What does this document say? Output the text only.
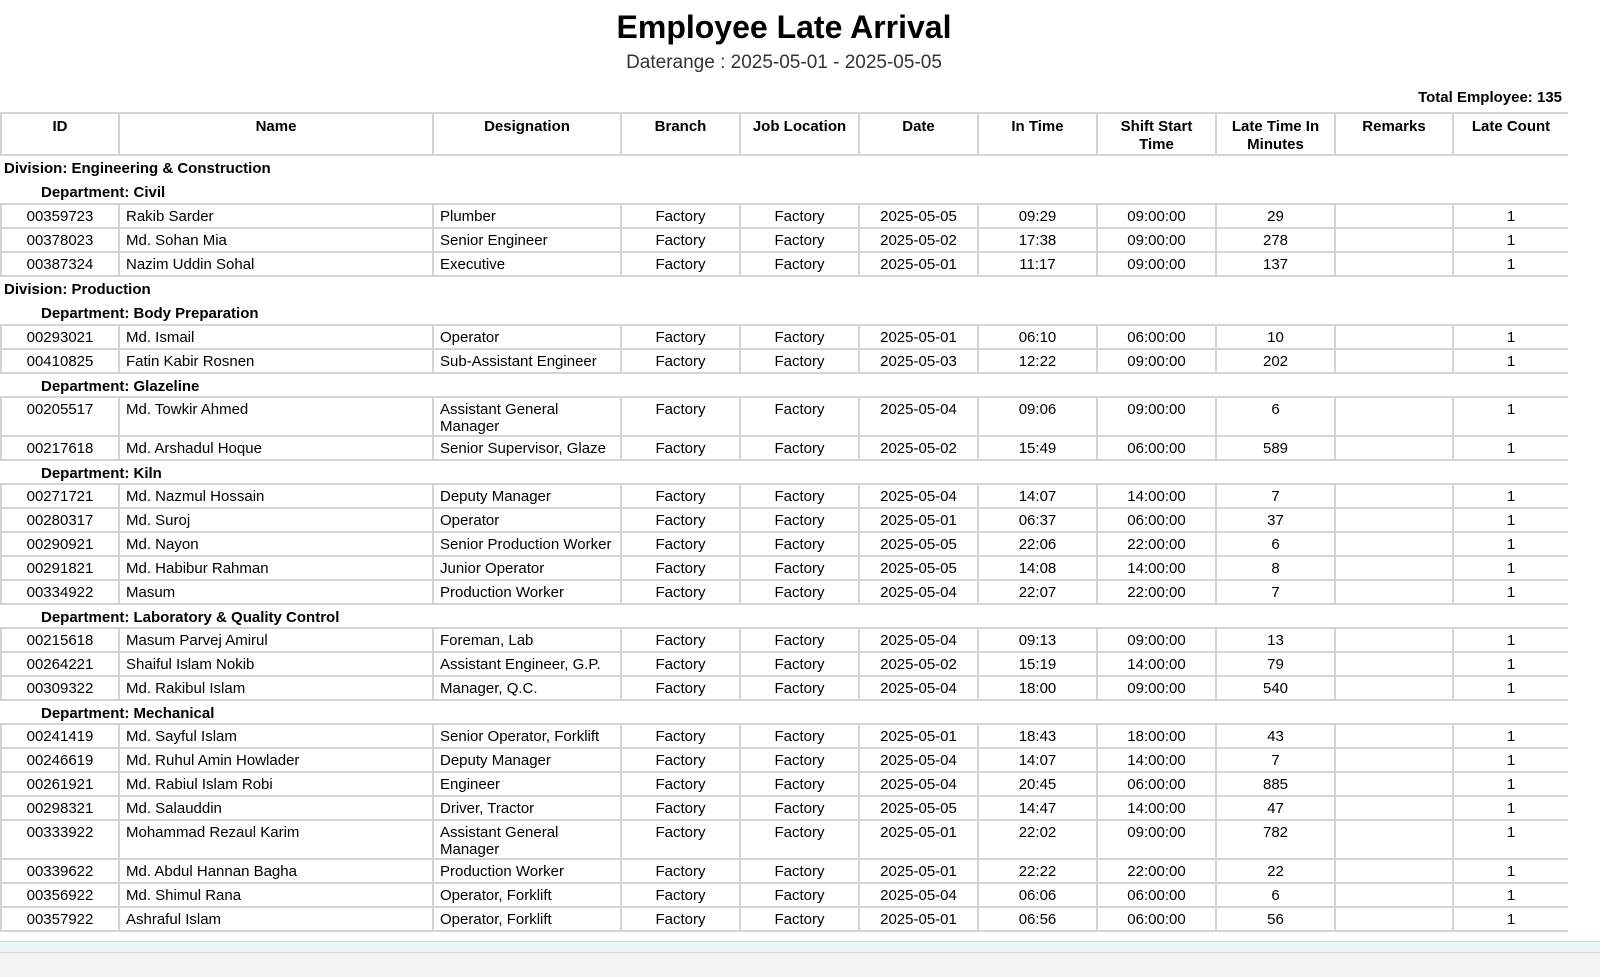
Employee Late Arrival
Daterange : 2025-05-01 - 2025-05-05
Total Employee: 135
ID	Name	Designation	Branch	Job Location	Date	In Time	Shift Start Time	Late Time In Minutes	Remarks	Late Count
Division: Engineering & Construction										
Department: Civil										
00359723	Rakib Sarder	Plumber	Factory	Factory	2025-05-05	09:29	09:00:00	29		1
00378023	Md. Sohan Mia	Senior Engineer	Factory	Factory	2025-05-02	17:38	09:00:00	278		1
00387324	Nazim Uddin Sohal	Executive	Factory	Factory	2025-05-01	11:17	09:00:00	137		1
Division: Production										
Department: Body Preparation										
00293021	Md. Ismail	Operator	Factory	Factory	2025-05-01	06:10	06:00:00	10		1
00410825	Fatin Kabir Rosnen	Sub-Assistant Engineer	Factory	Factory	2025-05-03	12:22	09:00:00	202		1
Department: Glazeline										
00205517	Md. Towkir Ahmed	Assistant General Manager	Factory	Factory	2025-05-04	09:06	09:00:00	6		1
00217618	Md. Arshadul Hoque	Senior Supervisor, Glaze	Factory	Factory	2025-05-02	15:49	06:00:00	589		1
Department: Kiln										
00271721	Md. Nazmul Hossain	Deputy Manager	Factory	Factory	2025-05-04	14:07	14:00:00	7		1
00280317	Md. Suroj	Operator	Factory	Factory	2025-05-01	06:37	06:00:00	37		1
00290921	Md. Nayon	Senior Production Worker	Factory	Factory	2025-05-05	22:06	22:00:00	6		1
00291821	Md. Habibur Rahman	Junior Operator	Factory	Factory	2025-05-05	14:08	14:00:00	8		1
00334922	Masum	Production Worker	Factory	Factory	2025-05-04	22:07	22:00:00	7		1
Department: Laboratory & Quality Control										
00215618	Masum Parvej Amirul	Foreman, Lab	Factory	Factory	2025-05-04	09:13	09:00:00	13		1
00264221	Shaiful Islam Nokib	Assistant Engineer, G.P.	Factory	Factory	2025-05-02	15:19	14:00:00	79		1
00309322	Md. Rakibul Islam	Manager, Q.C.	Factory	Factory	2025-05-04	18:00	09:00:00	540		1
Department: Mechanical										
00241419	Md. Sayful Islam	Senior Operator, Forklift	Factory	Factory	2025-05-01	18:43	18:00:00	43		1
00246619	Md. Ruhul Amin Howlader	Deputy Manager	Factory	Factory	2025-05-04	14:07	14:00:00	7		1
00261921	Md. Rabiul Islam Robi	Engineer	Factory	Factory	2025-05-04	20:45	06:00:00	885		1
00298321	Md. Salauddin	Driver, Tractor	Factory	Factory	2025-05-05	14:47	14:00:00	47		1
00333922	Mohammad Rezaul Karim	Assistant General Manager	Factory	Factory	2025-05-01	22:02	09:00:00	782		1
00339622	Md. Abdul Hannan Bagha	Production Worker	Factory	Factory	2025-05-01	22:22	22:00:00	22		1
00356922	Md. Shimul Rana	Operator, Forklift	Factory	Factory	2025-05-04	06:06	06:00:00	6		1
00357922	Ashraful Islam	Operator, Forklift	Factory	Factory	2025-05-01	06:56	06:00:00	56		1
